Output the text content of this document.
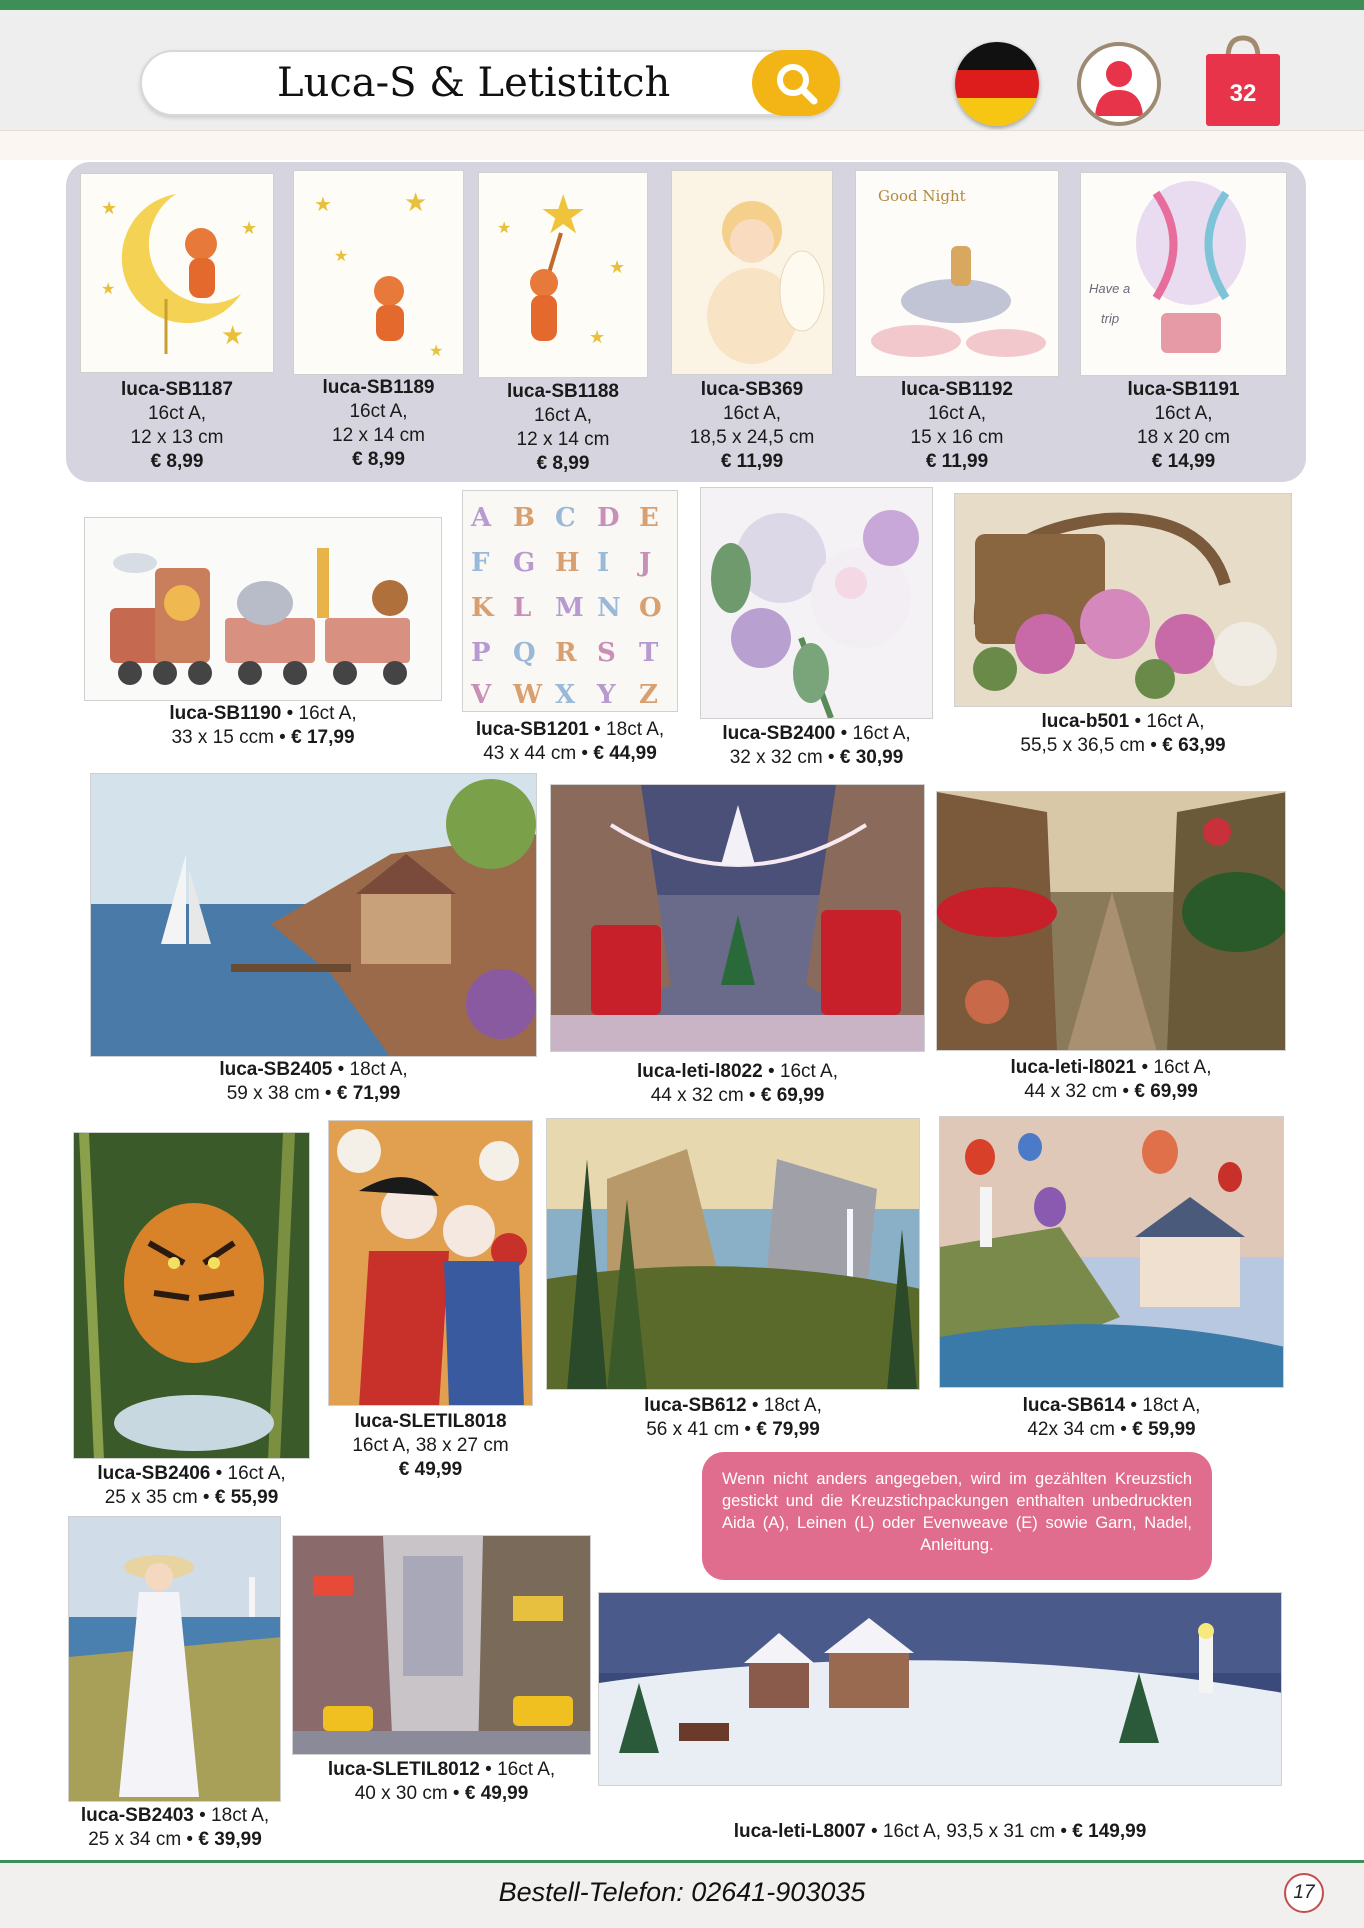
Luca-S & Letistitch	32
★
★
★
★
luca-SB1187
16ct A,
12 x 13 cm
€ 8,99
★	★
★
★
luca-SB1189
16ct A,
12 x 14 cm
€ 8,99
★
★
★
★
luca-SB1188
16ct A,
12 x 14 cm
€ 8,99
luca-SB369
16ct A,
18,5 x 24,5 cm
€ 11,99
Good Night
luca-SB1192
16ct A,
15 x 16 cm
€ 11,99
Have a
trip
luca-SB1191
16ct A,
18 x 20 cm
€ 14,99
luca-SB1190 • 16ct A,
33 x 15 ccm • € 17,99
A B C D E
F G H I J
K L M N O
P Q R S T
V W X Y Z
luca-SB1201 • 18ct A,
43 x 44 cm • € 44,99
luca-SB2400 • 16ct A,
32 x 32 cm • € 30,99
luca-b501 • 16ct A,
55,5 x 36,5 cm • € 63,99
luca-SB2405 • 18ct A,
59 x 38 cm • € 71,99
luca-leti-l8022 • 16ct A,
44 x 32 cm • € 69,99
luca-leti-l8021 • 16ct A,
44 x 32 cm • € 69,99
luca-SB2406 • 16ct A,
25 x 35 cm • € 55,99
luca-SLETIL8018
16ct A, 38 x 27 cm
€ 49,99
luca-SB612 • 18ct A,
56 x 41 cm • € 79,99
luca-SB614 • 18ct A,
42x 34 cm • € 59,99
Wenn nicht anders angegeben, wird im gezählten Kreuzstich gestickt und die Kreuzstichpackungen enthalten unbedruckten Aida (A), Leinen (L) oder Evenweave (E) sowie Garn, Nadel, Anleitung.
luca-SB2403 • 18ct A,
25 x 34 cm • € 39,99
luca-SLETIL8012 • 16ct A,
40 x 30 cm • € 49,99
luca-leti-L8007 • 16ct A, 93,5 x 31 cm • € 149,99
Bestell-Telefon: 02641-903035	17
